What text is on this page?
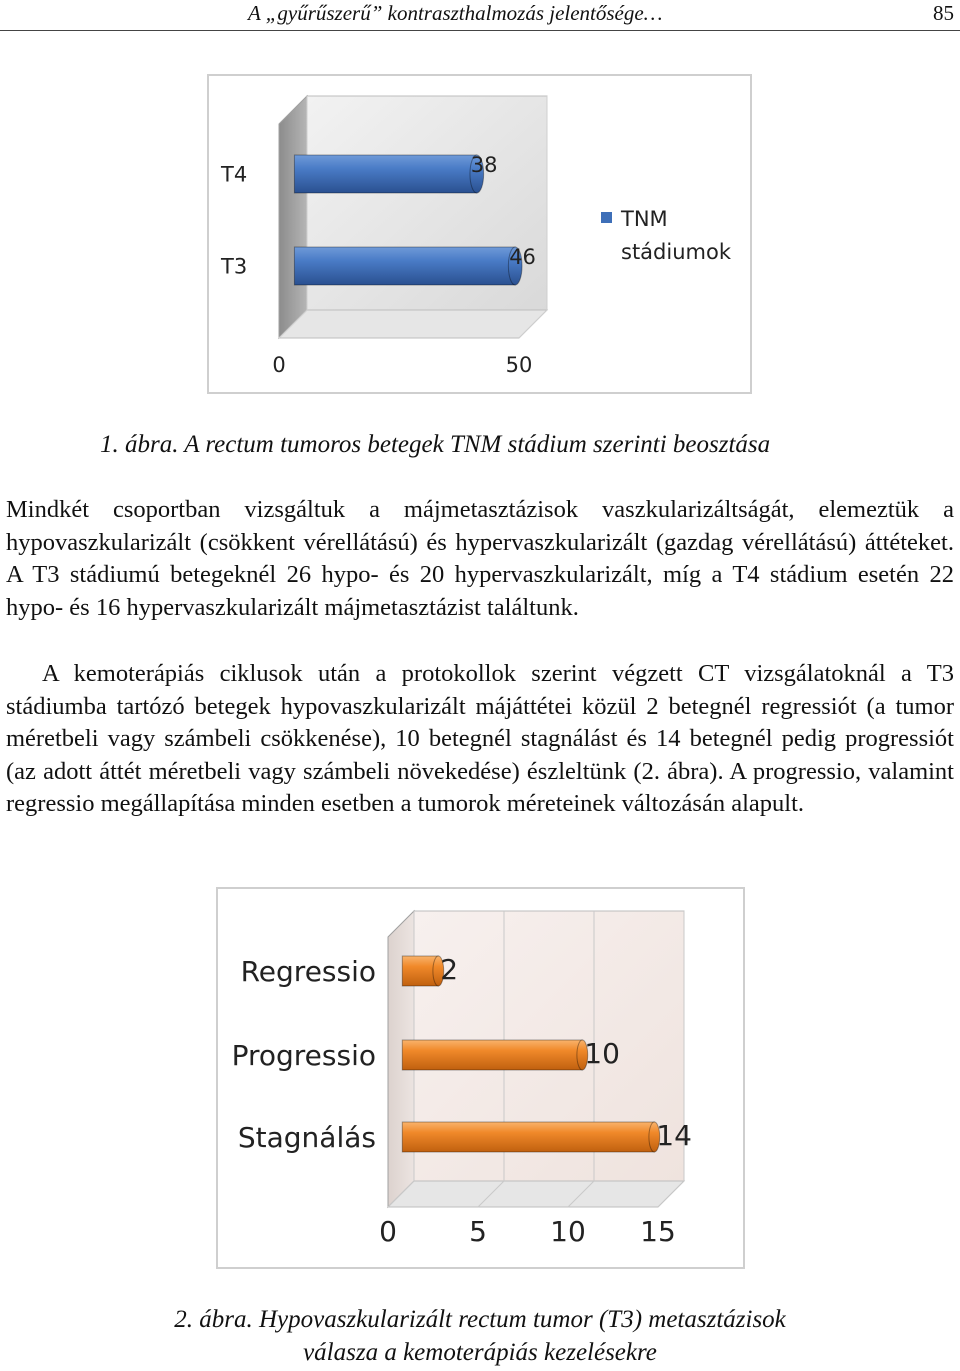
A „gyűrűszerű” kontraszthalmozás jelentősége…	85
0	50
T4	38
T3	46
TNM stádiumok
1. ábra. A rectum tumoros betegek TNM stádium szerinti beosztása

Mindkét csoportban vizsgáltuk a májmetasztázisok vaszkularizáltságát, elemeztük a hypovaszkularizált (csökkent vérellátású) és hypervaszkularizált (gazdag vérellátású) áttéteket. A T3 stádiumú betegeknél 26 hypo- és 20 hypervaszkularizált, míg a T4 stádium esetén 22 hypo- és 16 hypervaszkularizált májmetasztázist találtunk.

A kemoterápiás ciklusok után a protokollok szerint végzett CT vizsgálatoknál a T3 stádiumba tartózó betegek hypovaszkularizált májáttétei közül 2 betegnél regressiót (a tumor méretbeli vagy számbeli csökkenése), 10 betegnél stagnálást és 14 betegnél pedig progressiót (az adott áttét méretbeli vagy számbeli növekedése) észleltünk (2. ábra). A progressio, valamint regressio megállapítása minden esetben a tumorok méreteinek változásán alapult.

0	5 10 15
Regressio 2
Progressio	10
Stagnálás	14
2. ábra. Hypovaszkularizált rectum tumor (T3) metasztázisok
válasza a kemoterápiás kezelésekre
